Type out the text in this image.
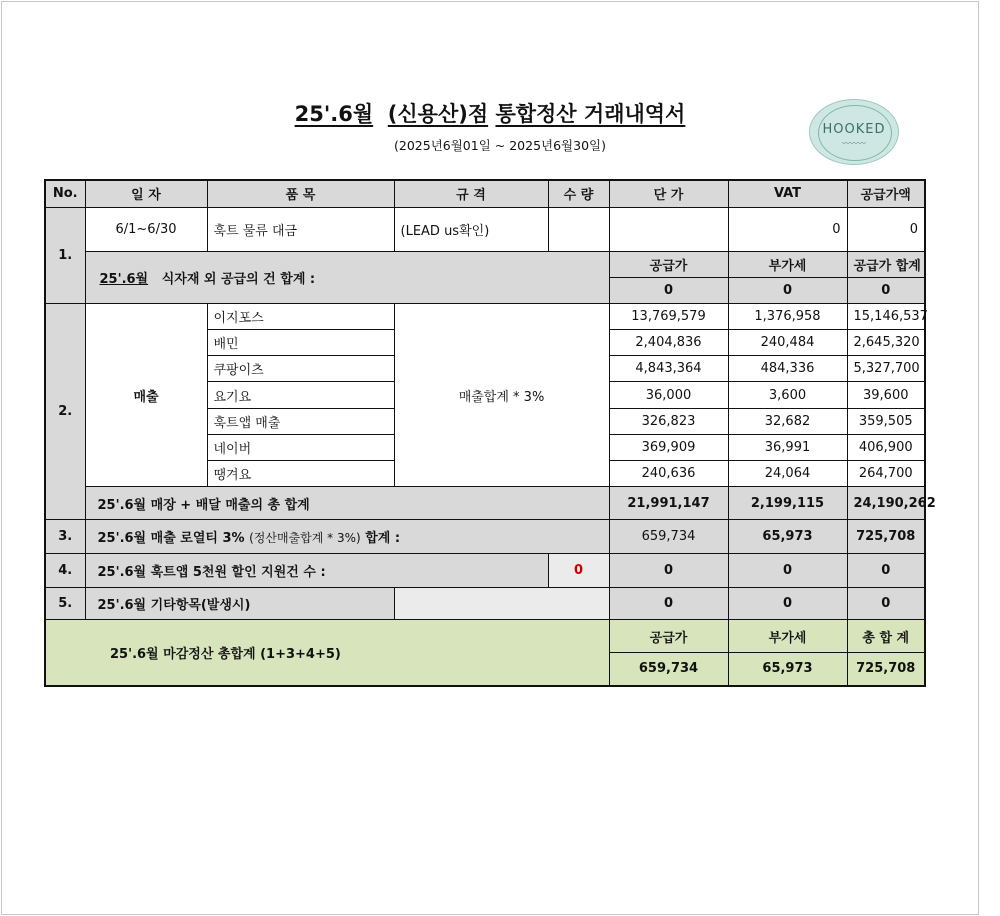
25'.6월 (신용산)점 통합정산 거래내역서
(2025년6월01일 ~ 2025년6월30일)
HOOKED
〰〰〰
No.	일 자	품 목	규 격	수 량	단 가	VAT	공급가액
1.	6/1~6/30	훅트 물류 대금	(LEAD us확인)			0	0
	25'.6월 식자재 외 공급의 건 합계 :				공급가	부가세	공급가 합계
					0	0	0
2.	매출	이지포스	매출합계 * 3%		13,769,579	1,376,958	15,146,537
		배민			2,404,836	240,484	2,645,320
		쿠팡이츠			4,843,364	484,336	5,327,700
		요기요			36,000	3,600	39,600
		훅트앱 매출			326,823	32,682	359,505
		네이버			369,909	36,991	406,900
		땡겨요			240,636	24,064	264,700
	25'.6월 매장 + 배달 매출의 총 합계				21,991,147	2,199,115	24,190,262
3.	25'.6월 매출 로열티 3% (정산매출합계 * 3%) 합계 :				659,734	65,973	725,708
4.	25'.6월 훅트앱 5천원 할인 지원건 수 :			0	0	0	0
5.	25'.6월 기타항목(발생시)				0	0	0
25'.6월 마감정산 총합계 (1+3+4+5)					공급가	부가세	총 합 계
					659,734	65,973	725,708
